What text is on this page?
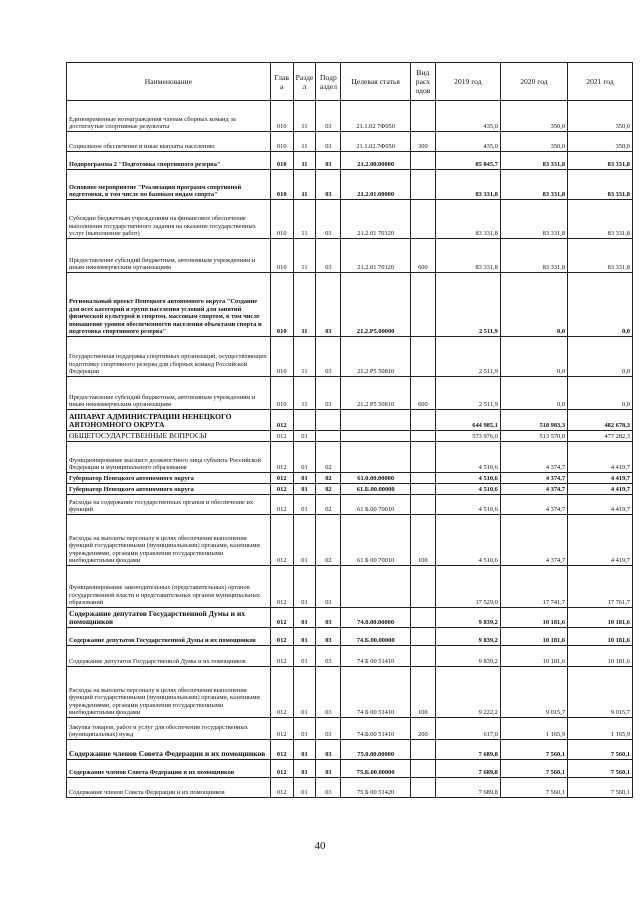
Наименование	Глав а	Разде л	Подр аздел	Целевая статья	Вид расх одов	2019 год	2020 год	2021 год
Единовременные вознаграждения членам сборных команд за достигнутые спортивные результаты	010	11	03	21.1.02 7Ф050		435,0	350,0	350,0
Социальное обеспечение и иные выплаты населению	010	11	03	21.1.02.7Ф050	300	435,0	350,0	350,0
Подпрограмма 2 "Подготовка спортивного резерва"	010	11	03	21.2.00.00000		85 845,7	83 331,8	83 331,8
Основное мероприятие "Реализация программ спортивной подготовки, в том числе по базовым видам спорта"	010	11	03	21.2.01.00000		83 331,8	83 331,8	83 331,8
Субсидии бюджетным учреждениям на финансовое обеспечение выполнения государственного задания на оказание государственных услуг (выполнение работ)	010	11	03	21.2.01 70120		83 331,8	83 331,8	83 331,8
Предоставление субсидий бюджетным, автономным учреждениям и иным некоммерческим организациям	010	11	03	21.2.01 70120	600	83 331,8	83 331,8	83 331,8
Региональный проект Ненецкого автономного округа "Создание для всех категорий и групп населения условий для занятий физической культурой и спортом, массовым спортом, в том числе повышение уровня обеспеченности населения объектами спорта и подготовка спортивного резерва"	010	11	03	21.2.P5.00000		2 511,9	0,0	0,0
Государственная поддержка спортивных организаций, осуществляющих подготовку спортивного резерва для сборных команд Российской Федерации	010	11	03	21.2 P5 50810		2 511,9	0,0	0,0
Предоставление субсидий бюджетным, автономным учреждениям и иным некоммерческим организациям	010	11	03	21.2 P5 50810	600	2 511,9	0,0	0,0
АППАРАТ АДМИНИСТРАЦИИ НЕНЕЦКОГО АВТОНОМНОГО ОКРУГА	012					644 985,1	518 983,3	482 678,3
ОБЩЕГОСУДАРСТВЕННЫЕ ВОПРОСЫ	012	01				573 976,0	513 570,0	477 282,3
Функционирование высшего должностного лица субъекта Российской Федерации и муниципального образования	012	01	02			4 510,6	4 374,7	4 419,7
Губернатор Ненецкого автономного округа	012	01	02	61.0.00.00000		4 510,6	4 374,7	4 419,7
Губернатор Ненецкого автономного округа	012	01	02	61.Б.00.00000		4 510,6	4 374,7	4 419,7
Расходы на содержание государственных органов и обеспечение их функций	012	01	02	61 Б.00 70010		4 510,6	4 374,7	4 419,7
Расходы на выплаты персоналу в целях обеспечения выполнения функций государственными (муниципальными) органами, казенными учреждениями, органами управления государственными внебюджетными фондами	012	01	02	61 Б 00 70010	100	4 510,6	4 374,7	4 419,7
Функционирование законодательных (представительных) органов государственной власти и представительных органов муниципальных образований	012	01	03			17 529,0	17 741,7	17 761,7
Содержание депутатов Государственной Думы и их помощников	012	01	03	74.0.00.00000		9 839,2	10 181,6	10 181,6
Содержание депутатов Государственной Думы и их помощников	012	01	03	74.Б.00.00000		9 839,2	10 181,6	10 181,6
Содержание депутатов Государственной Думы и их помощников	012	01	03	74 Б 00 51410		9 839,2	10 181,6	10 181,6
Расходы на выплаты персоналу в целях обеспечения выполнения функций государственными (муниципальными) органами, казенными учреждениями, органами управления государственными внебюджетными фондами	012	01	03	74 Б 00 51410	100	9 222,2	9 015,7	9 015,7
Закупка товаров, работ и услуг для обеспечения государственных (муниципальных) нужд	012	01	03	74.Б.00 51410	200	617,0	1 165,9	1 165,9
Содержание членов Совета Федерации и их помощников	012	01	03	75.0.00.00000		7 689,8	7 560,1	7 560,1
Содержание членов Совета Федерации и их помощников	012	01	03	75.Б.00.00000		7 689,8	7 560,1	7 560,1
Содержание членов Совета Федерации и их помощников	012	01	03	75 Б 00 51420		7 689,8	7 560,1	7 560,1
40
